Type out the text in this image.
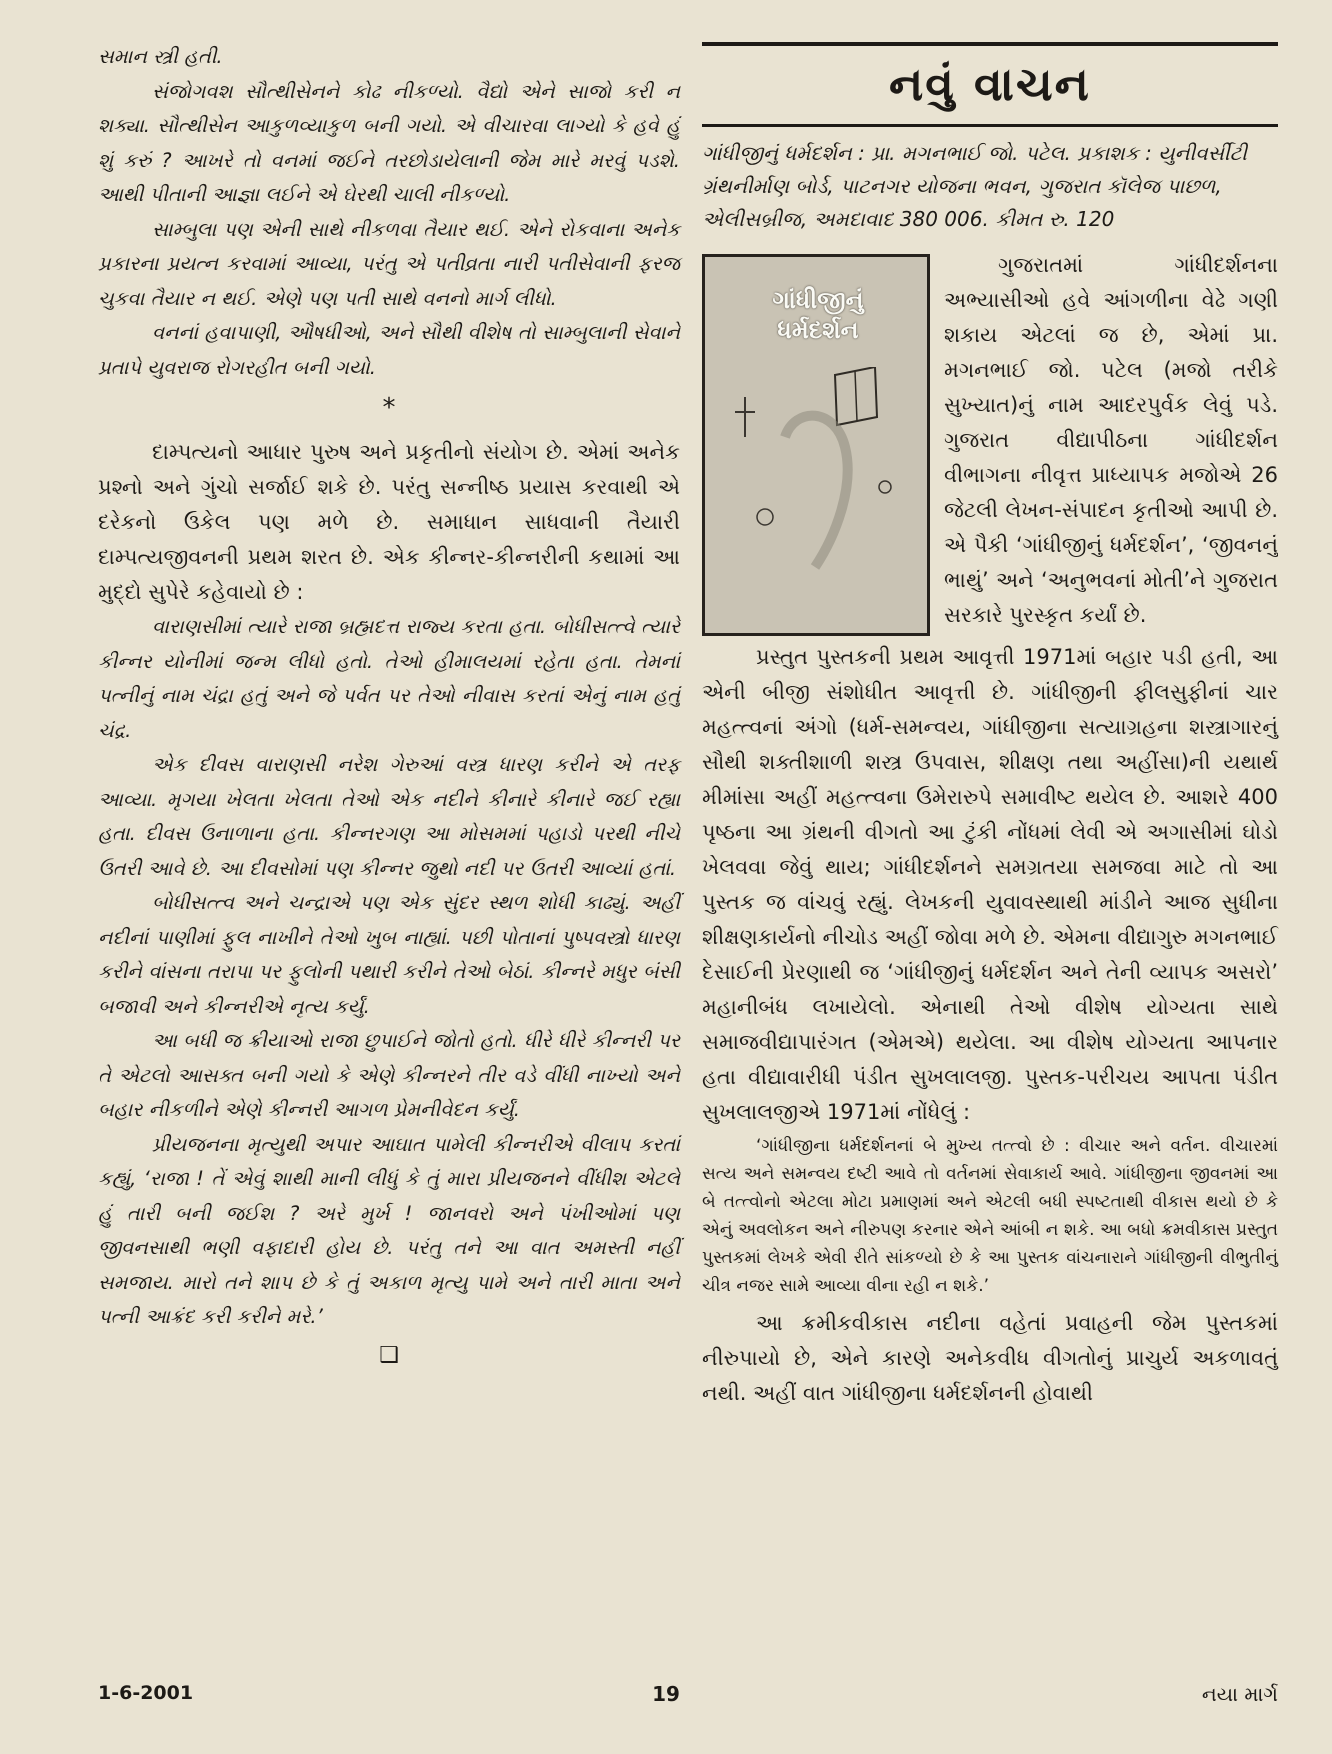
સમાન સ્ત્રી હતી.

સંજોગવશ સૌત્થીસેનને કોઢ નીકળ્યો. વૈદ્યો એને સાજો કરી ન શક્યા. સૌત્થીસેન આકુળવ્યાકુળ બની ગયો. એ વીચારવા લાગ્યો કે હવે હું શું કરું ? આખરે તો વનમાં જઈને તરછોડાયેલાની જેમ મારે મરવું પડશે. આથી પીતાની આજ્ઞા લઈને એ ઘેરથી ચાલી નીકળ્યો.

સામ્બુલા પણ એની સાથે નીકળવા તૈયાર થઈ. એને રોકવાના અનેક પ્રકારના પ્રયત્ન કરવામાં આવ્યા, પરંતુ એ પતીવ્રતા નારી પતીસેવાની ફરજ ચુકવા તૈયાર ન થઈ. એણે પણ પતી સાથે વનનો માર્ગ લીધો.

વનનાં હવાપાણી, ઔષધીઓ, અને સૌથી વીશેષ તો સામ્બુલાની સેવાને પ્રતાપે યુવરાજ રોગરહીત બની ગયો.

*

દામ્પત્યનો આધાર પુરુષ અને પ્રકૃતીનો સંયોગ છે. એમાં અનેક પ્રશ્નો અને ગુંચો સર્જાઈ શકે છે. પરંતુ સન્નીષ્ઠ પ્રયાસ કરવાથી એ દરેકનો ઉકેલ પણ મળે છે. સમાધાન સાધવાની તૈયારી દામ્પત્યજીવનની પ્રથમ શરત છે. એક કીન્નર-કીન્નરીની કથામાં આ મુદ્દો સુપેરે કહેવાયો છે :

વારાણસીમાં ત્યારે રાજા બ્રહ્મદત્ત રાજ્ય કરતા હતા. બોધીસત્ત્વે ત્યારે કીન્નર યોનીમાં જન્મ લીધો હતો. તેઓ હીમાલયમાં રહેતા હતા. તેમનાં પત્નીનું નામ ચંદ્રા હતું અને જે પર્વત પર તેઓ નીવાસ કરતાં એનું નામ હતું ચંદ્ર.

એક દીવસ વારાણસી નરેશ ગેરુઆં વસ્ત્ર ધારણ કરીને એ તરફ આવ્યા. મૃગયા ખેલતા ખેલતા તેઓ એક નદીને કીનારે કીનારે જઈ રહ્યા હતા. દીવસ ઉનાળાના હતા. કીન્નરગણ આ મોસમમાં પહાડો પરથી નીચે ઉતરી આવે છે. આ દીવસોમાં પણ કીન્નર જુથો નદી પર ઉતરી આવ્યાં હતાં.

બોધીસત્ત્વ અને ચન્દ્રાએ પણ એક સુંદર સ્થળ શોધી કાઢ્યું. અહીં નદીનાં પાણીમાં ફુલ નાખીને તેઓ ખુબ નાહ્યાં. પછી પોતાનાં પુષ્પવસ્ત્રો ધારણ કરીને વાંસના તરાપા પર ફુલોની પથારી કરીને તેઓ બેઠાં. કીન્નરે મધુર બંસી બજાવી અને કીન્નરીએ નૃત્ય કર્યું.

આ બધી જ ક્રીયાઓ રાજા છુપાઈને જોતો હતો. ધીરે ધીરે કીન્નરી પર તે એટલો આસક્ત બની ગયો કે એણે કીન્નરને તીર વડે વીંધી નાખ્યો અને બહાર નીકળીને એણે કીન્નરી આગળ પ્રેમનીવેદન કર્યું.

પ્રીયજનના મૃત્યુથી અપાર આઘાત પામેલી કીન્નરીએ વીલાપ કરતાં કહ્યું, ‘રાજા ! તેં એવું શાથી માની લીધું કે તું મારા પ્રીયજનને વીંધીશ એટલે હું તારી બની જઈશ ? અરે મુર્ખ ! જાનવરો અને પંખીઓમાં પણ જીવનસાથી ભણી વફાદારી હોય છે. પરંતુ તને આ વાત અમસ્તી નહીં સમજાય. મારો તને શાપ છે કે તું અકાળ મૃત્યુ પામે અને તારી માતા અને પત્ની આક્રંદ કરી કરીને મરે.’

❑

નવું વાચન

ગાંધીજીનું ધર્મદર્શન : પ્રા. મગનભાઈ જો. પટેલ. પ્રકાશક : યુનીવર્સીટી ગ્રંથનીર્માણ બોર્ડ, પાટનગર યોજના ભવન, ગુજરાત કૉલેજ પાછળ, એલીસબ્રીજ, અમદાવાદ 380 006. કીમત રુ. 120

ગાંધીજીનું
ધર્મદર્શન

ગુજરાતમાં ગાંધીદર્શનના અભ્યાસીઓ હવે આંગળીના વેઢે ગણી શકાય એટલાં જ છે, એમાં પ્રા. મગનભાઈ જો. પટેલ (મજો તરીકે સુખ્યાત)નું નામ આદરપુર્વક લેવું પડે. ગુજરાત વીદ્યાપીઠના ગાંધીદર્શન વીભાગના નીવૃત્ત પ્રાધ્યાપક મજોએ 26 જેટલી લેખન-સંપાદન કૃતીઓ આપી છે. એ પૈકી ‘ગાંધીજીનું ધર્મદર્શન’, ‘જીવનનું ભાથું’ અને ‘અનુભવનાં મોતી’ને ગુજરાત સરકારે પુરસ્કૃત કર્યાં છે.

પ્રસ્તુત પુસ્તકની પ્રથમ આવૃત્તી 1971માં બહાર પડી હતી, આ એની બીજી સંશોધીત આવૃત્તી છે. ગાંધીજીની ફીલસુફીનાં ચાર મહત્ત્વનાં અંગો (ધર્મ-સમન્વય, ગાંધીજીના સત્યાગ્રહના શસ્ત્રાગારનું સૌથી શક્તીશાળી શસ્ત્ર ઉપવાસ, શીક્ષણ તથા અહીંસા)ની યથાર્થ મીમાંસા અહીં મહત્ત્વના ઉમેરારુપે સમાવીષ્ટ થયેલ છે. આશરે 400 પૃષ્ઠના આ ગ્રંથની વીગતો આ ટુંકી નોંધમાં લેવી એ અગાસીમાં ઘોડો ખેલવવા જેવું થાય; ગાંધીદર્શનને સમગ્રતયા સમજવા માટે તો આ પુસ્તક જ વાંચવું રહ્યું. લેખકની યુવાવસ્થાથી માંડીને આજ સુધીના શીક્ષણકાર્યનો નીચોડ અહીં જોવા મળે છે. એમના વીદ્યાગુરુ મગનભાઈ દેસાઈની પ્રેરણાથી જ ‘ગાંધીજીનું ધર્મદર્શન અને તેની વ્યાપક અસરો’ મહાનીબંધ લખાયેલો. એનાથી તેઓ વીશેષ યોગ્યતા સાથે સમાજવીદ્યાપારંગત (એમએ) થયેલા. આ વીશેષ યોગ્યતા આપનાર હતા વીદ્યાવારીધી પંડીત સુખલાલજી. પુસ્તક-પરીચય આપતા પંડીત સુખલાલજીએ 1971માં નોંધેલું :

‘ગાંધીજીના ધર્મદર્શનનાં બે મુખ્ય તત્ત્વો છે : વીચાર અને વર્તન. વીચારમાં સત્ય અને સમન્વય દષ્ટી આવે તો વર્તનમાં સેવાકાર્ય આવે. ગાંધીજીના જીવનમાં આ બે તત્ત્વોનો એટલા મોટા પ્રમાણમાં અને એટલી બધી સ્પષ્ટતાથી વીકાસ થયો છે કે એનું અવલોકન અને નીરુપણ કરનાર એને આંબી ન શકે. આ બધો ક્રમવીકાસ પ્રસ્તુત પુસ્તકમાં લેખકે એવી રીતે સાંકળ્યો છે કે આ પુસ્તક વાંચનારાને ગાંધીજીની વીભુતીનું ચીત્ર નજર સામે આવ્યા વીના રહી ન શકે.’

આ ક્રમીકવીકાસ નદીના વહેતાં પ્રવાહની જેમ પુસ્તકમાં નીરુપાયો છે, એને કારણે અનેકવીધ વીગતોનું પ્રાચુર્ય અકળાવતું નથી. અહીં વાત ગાંધીજીના ધર્મદર્શનની હોવાથી

1-6-2001	19	નયા માર્ગ
